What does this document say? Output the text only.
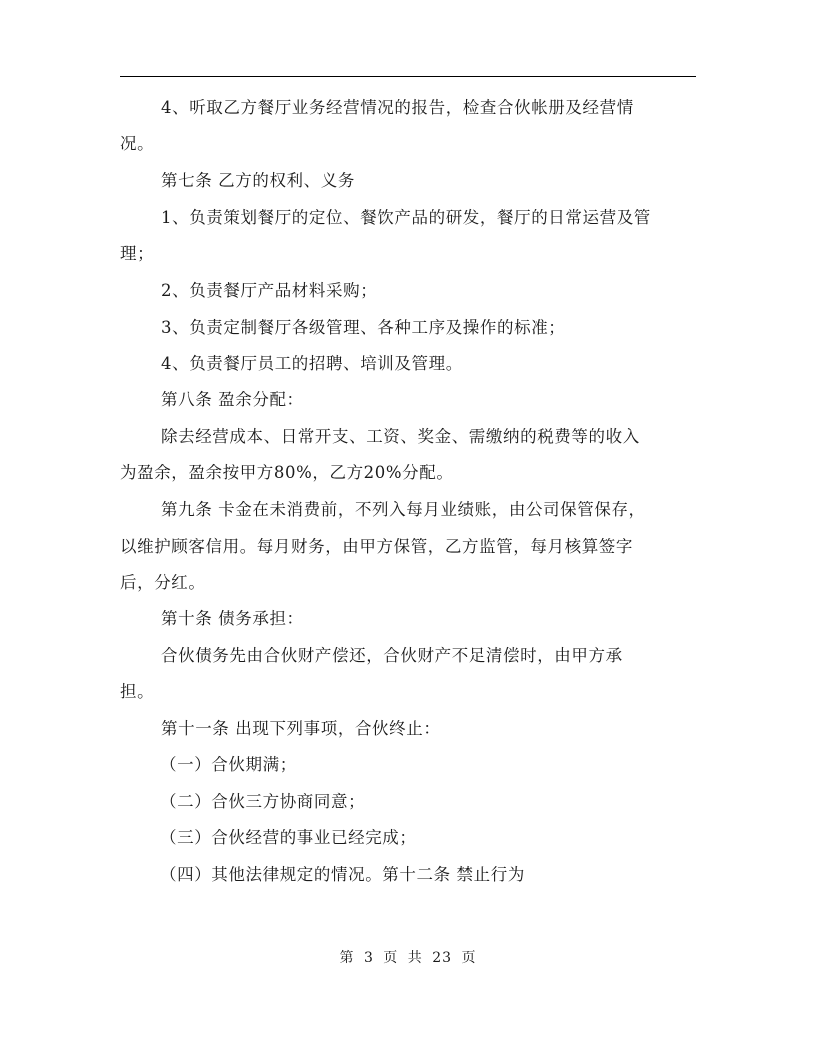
4、听取乙方餐厅业务经营情况的报告，检查合伙帐册及经营情
况。
第七条 乙方的权利、义务
1、负责策划餐厅的定位、餐饮产品的研发，餐厅的日常运营及管
理；
2、负责餐厅产品材料采购；
3、负责定制餐厅各级管理、各种工序及操作的标准；
4、负责餐厅员工的招聘、培训及管理。
第八条 盈余分配：
除去经营成本、日常开支、工资、奖金、需缴纳的税费等的收入
为盈余，盈余按甲方80%，乙方20%分配。
第九条 卡金在未消费前，不列入每月业绩账，由公司保管保存，
以维护顾客信用。每月财务，由甲方保管，乙方监管，每月核算签字
后，分红。
第十条 债务承担：
合伙债务先由合伙财产偿还，合伙财产不足清偿时，由甲方承
担。
第十一条 出现下列事项，合伙终止：
（一）合伙期满；
（二）合伙三方协商同意；
（三）合伙经营的事业已经完成；
（四）其他法律规定的情况。第十二条 禁止行为
第 3 页 共 23 页
